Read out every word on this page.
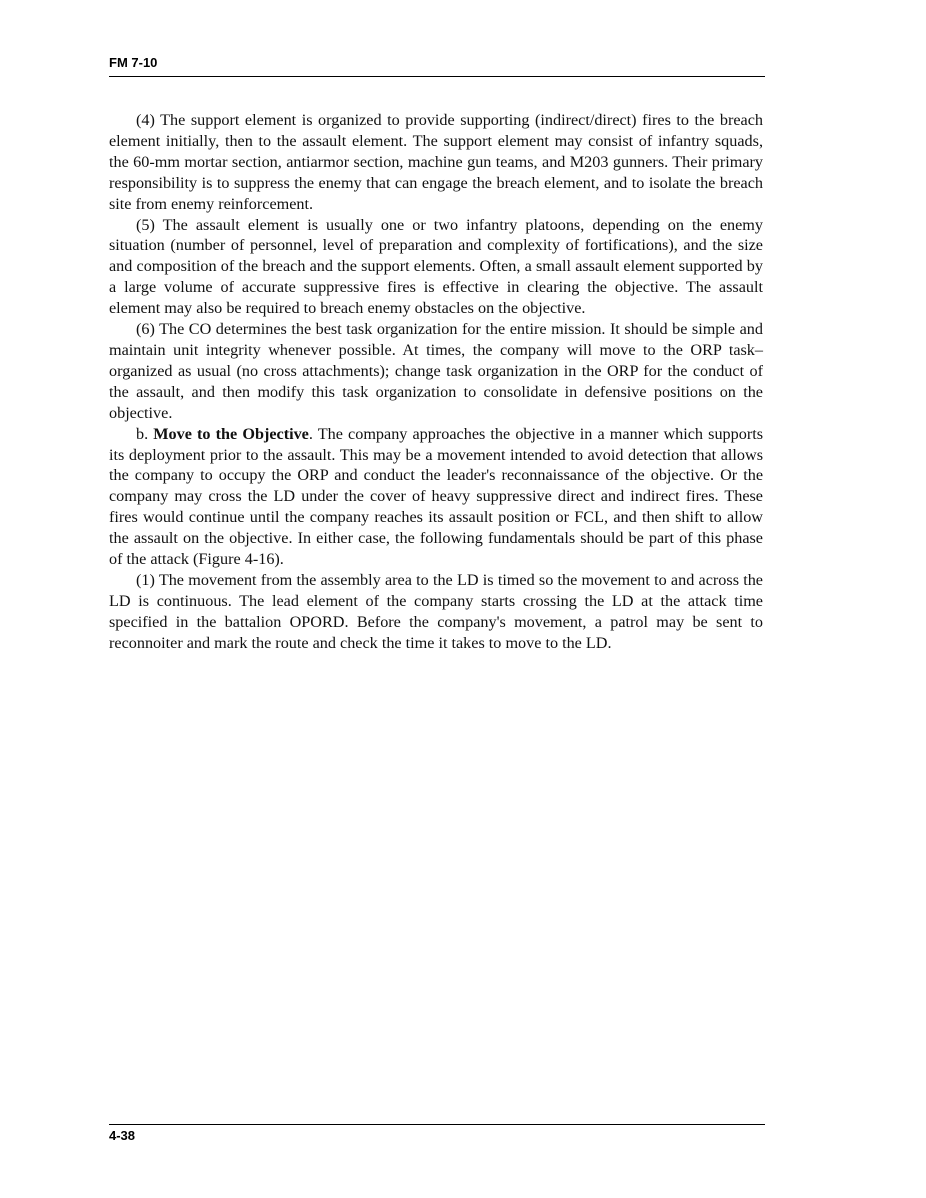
FM 7-10

(4) The support element is organized to provide supporting (indirect/direct) fires to the breach element initially, then to the assault element. The support element may consist of infantry squads, the 60-mm mortar section, antiarmor section, machine gun teams, and M203 gunners. Their primary responsibility is to suppress the enemy that can engage the breach element, and to isolate the breach site from enemy reinforcement.

(5) The assault element is usually one or two infantry platoons, depending on the enemy situation (number of personnel, level of preparation and complexity of fortifications), and the size and composition of the breach and the support elements. Often, a small assault element supported by a large volume of accurate suppressive fires is effective in clearing the objective. The assault element may also be required to breach enemy obstacles on the objective.

(6) The CO determines the best task organization for the entire mission. It should be simple and maintain unit integrity whenever possible. At times, the company will move to the ORP task–organized as usual (no cross attachments); change task organization in the ORP for the conduct of the assault, and then modify this task organization to consolidate in defensive positions on the objective.

b. Move to the Objective. The company approaches the objective in a manner which supports its deployment prior to the assault. This may be a movement intended to avoid detection that allows the company to occupy the ORP and conduct the leader's reconnaissance of the objective. Or the company may cross the LD under the cover of heavy suppressive direct and indirect fires. These fires would continue until the company reaches its assault position or FCL, and then shift to allow the assault on the objective. In either case, the following fundamentals should be part of this phase of the attack (Figure 4-16).

(1) The movement from the assembly area to the LD is timed so the movement to and across the LD is continuous. The lead element of the company starts crossing the LD at the attack time specified in the battalion OPORD. Before the company's movement, a patrol may be sent to reconnoiter and mark the route and check the time it takes to move to the LD.

4-38
